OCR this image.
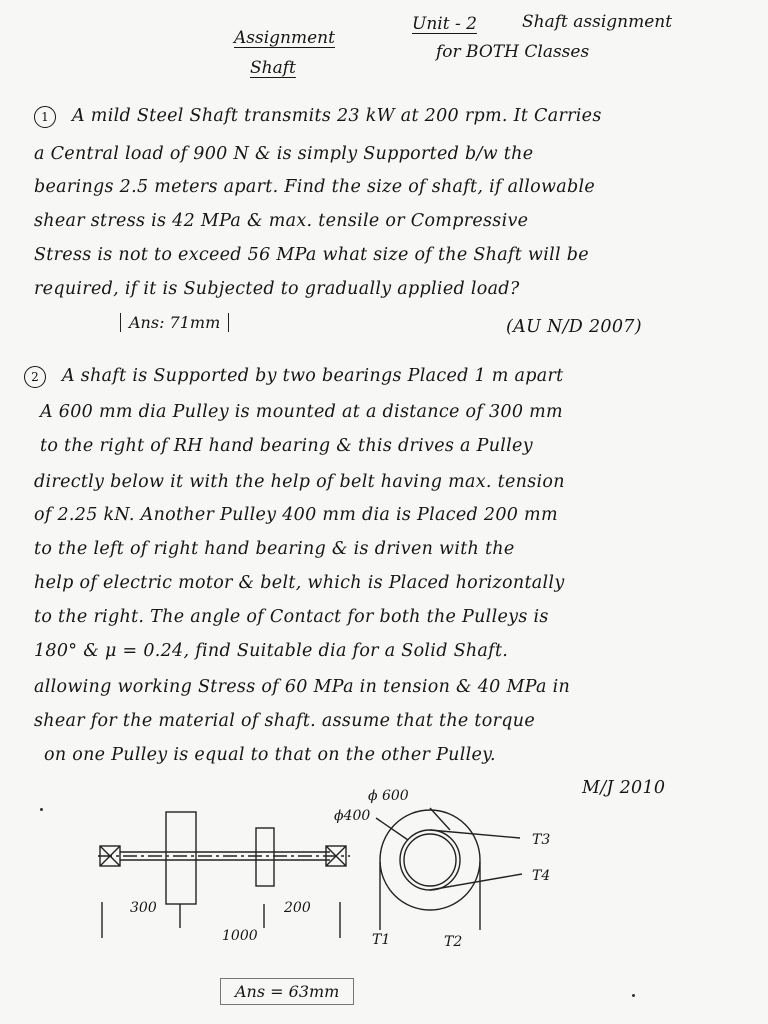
Assignment
Shaft
Unit - 2	Shaft assignment
for BOTH Classes
1	A mild Steel Shaft transmits 23 kW at 200 rpm. It Carries
a Central load of 900 N & is simply Supported b/w the
bearings 2.5 meters apart. Find the size of shaft, if allowable
shear stress is 42 MPa & max. tensile or Compressive
Stress is not to exceed 56 MPa what size of the Shaft will be
required, if it is Subjected to gradually applied load?
Ans: 71mm	(AU N/D 2007)
2	A shaft is Supported by two bearings Placed 1 m apart
A 600 mm dia Pulley is mounted at a distance of 300 mm
to the right of RH hand bearing & this drives a Pulley
directly below it with the help of belt having max. tension
of 2.25 kN. Another Pulley 400 mm dia is Placed 200 mm
to the left of right hand bearing & is driven with the
help of electric motor & belt, which is Placed horizontally
to the right. The angle of Contact for both the Pulleys is
180° & μ = 0.24, find Suitable dia for a Solid Shaft.
allowing working Stress of 60 MPa in tension & 40 MPa in
shear for the material of shaft. assume that the torque
on one Pulley is equal to that on the other Pulley.
M/J 2010
ϕ 600
ϕ400
T3
T4
T1	T2
300	200
1000
Ans = 63mm
